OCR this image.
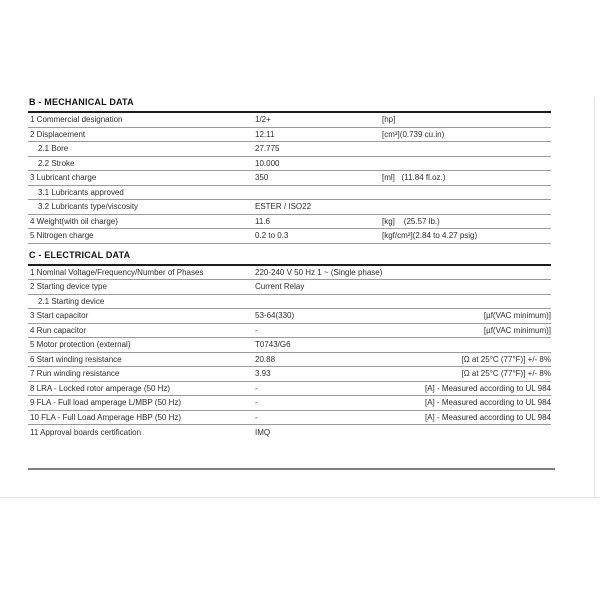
B - MECHANICAL DATA
1 Commercial designation	1/2+	[hp]
2 Displacement	12.11	[cm³](0.739 cu.in)
2.1 Bore	27.775
2.2 Stroke	10.000
3 Lubricant charge	350	[ml]   (11.84 fl.oz.)
3.1 Lubricants approved
3.2 Lubricants type/viscosity	ESTER / ISO22
4 Weight(with oil charge)	11.6	[kg]    (25.57 lb.)
5 Nitrogen charge	0.2 to 0.3	[kgf/cm²](2.84 to 4.27 psig)
C - ELECTRICAL DATA
1 Nominal Voltage/Frequency/Number of Phases	220-240 V 50 Hz 1 ~ (Single phase)
2 Starting device type	Current Relay
2.1 Starting device
3 Start capacitor	53-64(330)	[µf(VAC minimum)]
4 Run capacitor	-	[µf(VAC minimum)]
5 Motor protection (external)	T0743/G6
6 Start winding resistance	20.88	[Ω at 25°C (77°F)] +/- 8%
7 Run winding resistance	3.93	[Ω at 25°C (77°F)] +/- 8%
8 LRA - Locked rotor amperage (50 Hz)	-	[A] - Measured according to UL 984
9 FLA - Full load amperage L/MBP (50 Hz)	-	[A] - Measured according to UL 984
10 FLA - Full Load Amperage HBP (50 Hz)	-	[A] - Measured according to UL 984
11 Approval boards certification	IMQ
